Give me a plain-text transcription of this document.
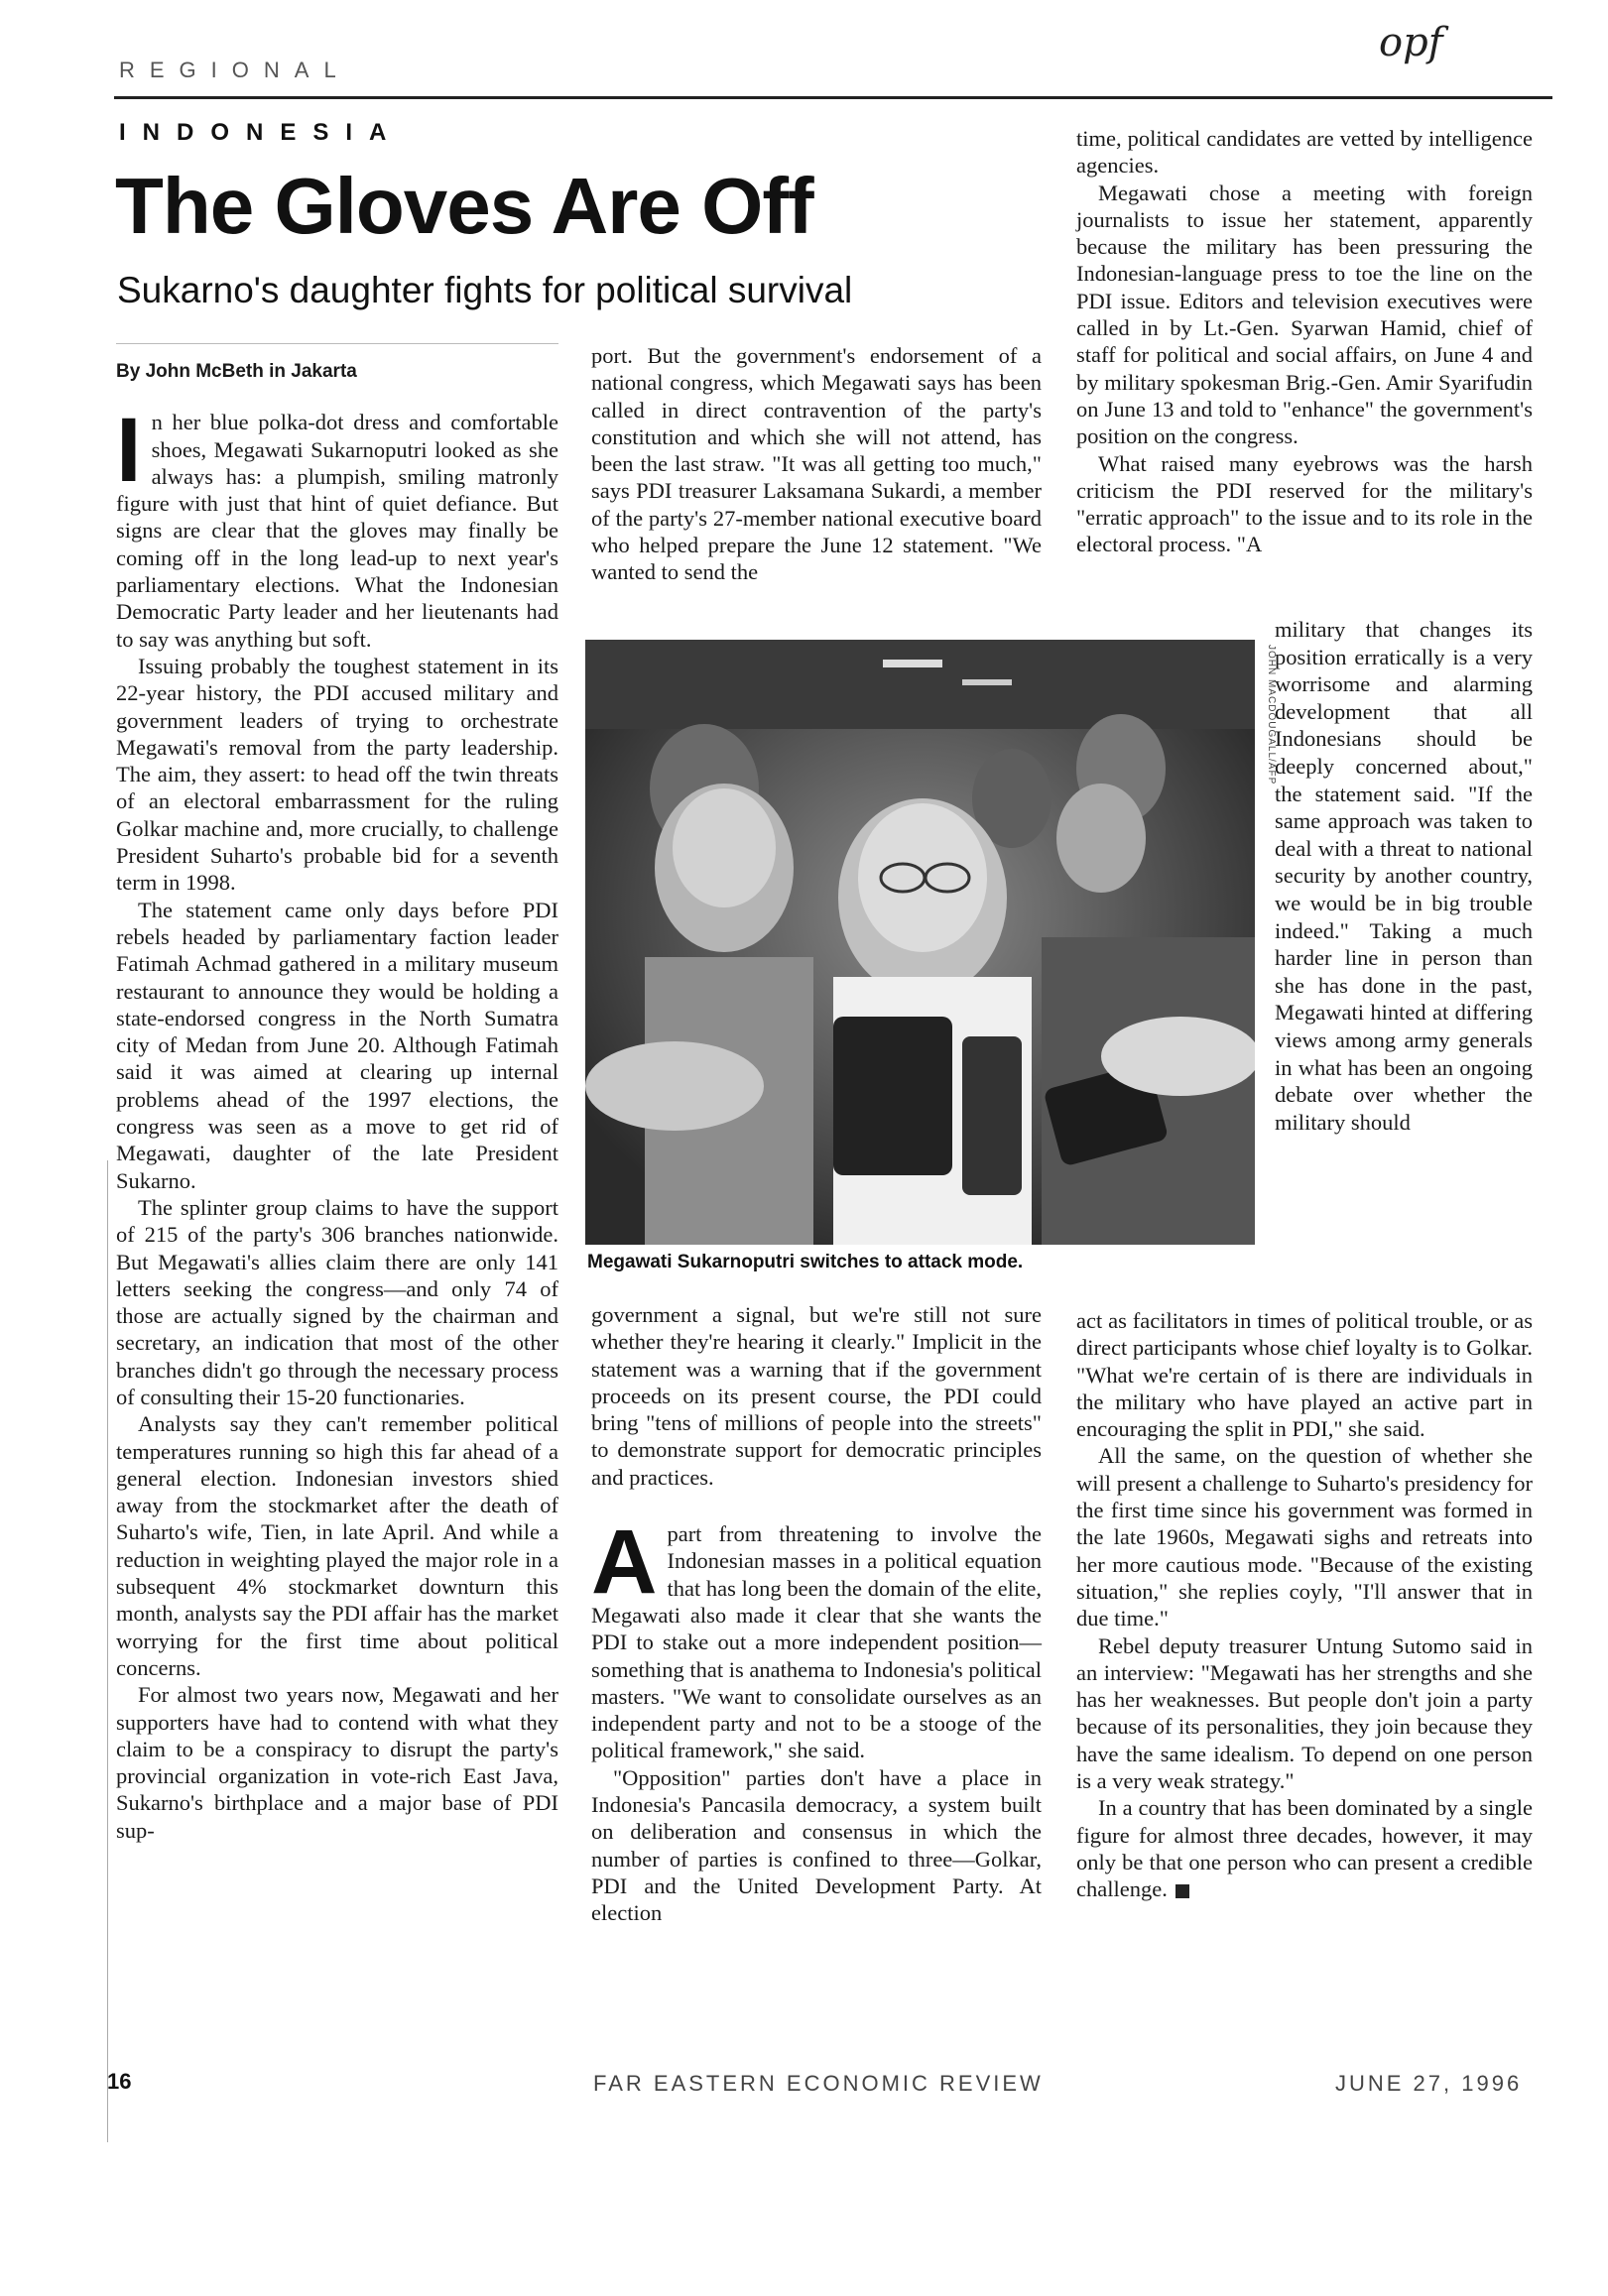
REGIONAL
opf
INDONESIA
The Gloves Are Off
Sukarno's daughter fights for political survival

By John McBeth in Jakarta

In her blue polka-dot dress and comfortable shoes, Megawati Sukarnoputri looked as she always has: a plumpish, smiling matronly figure with just that hint of quiet defiance. But signs are clear that the gloves may finally be coming off in the long lead-up to next year's parliamentary elections. What the Indonesian Democratic Party leader and her lieutenants had to say was anything but soft.

Issuing probably the toughest statement in its 22-year history, the PDI accused military and government leaders of trying to orchestrate Megawati's removal from the party leadership. The aim, they assert: to head off the twin threats of an electoral embarrassment for the ruling Golkar machine and, more crucially, to challenge President Suharto's probable bid for a seventh term in 1998.

The statement came only days before PDI rebels headed by parliamentary faction leader Fatimah Achmad gathered in a military museum restaurant to announce they would be holding a state-endorsed congress in the North Sumatra city of Medan from June 20. Although Fatimah said it was aimed at clearing up internal problems ahead of the 1997 elections, the congress was seen as a move to get rid of Megawati, daughter of the late President Sukarno.

The splinter group claims to have the support of 215 of the party's 306 branches nationwide. But Megawati's allies claim there are only 141 letters seeking the congress—and only 74 of those are actually signed by the chairman and secretary, an indication that most of the other branches didn't go through the necessary process of consulting their 15-20 functionaries.

Analysts say they can't remember political temperatures running so high this far ahead of a general election. Indonesian investors shied away from the stockmarket after the death of Suharto's wife, Tien, in late April. And while a reduction in weighting played the major role in a subsequent 4% stockmarket downturn this month, analysts say the PDI affair has the market worrying for the first time about political concerns.

For almost two years now, Megawati and her supporters have had to contend with what they claim to be a conspiracy to disrupt the party's provincial organization in vote-rich East Java, Sukarno's birthplace and a major base of PDI sup-

port. But the government's endorsement of a national congress, which Megawati says has been called in direct contravention of the party's constitution and which she will not attend, has been the last straw. "It was all getting too much," says PDI treasurer Laksamana Sukardi, a member of the party's 27-member national executive board who helped prepare the June 12 statement. "We wanted to send the

JOHN MACDOUGALL/AFP
Megawati Sukarnoputri switches to attack mode.

government a signal, but we're still not sure whether they're hearing it clearly." Implicit in the statement was a warning that if the government proceeds on its present course, the PDI could bring "tens of millions of people into the streets" to demonstrate support for democratic principles and practices.

Apart from threatening to involve the Indonesian masses in a political equation that has long been the domain of the elite, Megawati also made it clear that she wants the PDI to stake out a more independent position—something that is anathema to Indonesia's political masters. "We want to consolidate ourselves as an independent party and not to be a stooge of the political framework," she said.

"Opposition" parties don't have a place in Indonesia's Pancasila democracy, a system built on deliberation and consensus in which the number of parties is confined to three—Golkar, PDI and the United Development Party. At election

time, political candidates are vetted by intelligence agencies.

Megawati chose a meeting with foreign journalists to issue her statement, apparently because the military has been pressuring the Indonesian-language press to toe the line on the PDI issue. Editors and television executives were called in by Lt.-Gen. Syarwan Hamid, chief of staff for political and social affairs, on June 4 and by military spokesman Brig.-Gen. Amir Syarifudin on June 13 and told to "enhance" the government's position on the congress.

What raised many eyebrows was the harsh criticism the PDI reserved for the military's "erratic approach" to the issue and to its role in the electoral process. "A

military that changes its position erratically is a very worrisome and alarming development that all Indonesians should be deeply concerned about," the statement said. "If the same approach was taken to deal with a threat to national security by another country, we would be in big trouble indeed." Taking a much harder line in person than she has done in the past, Megawati hinted at differing views among army generals in what has been an ongoing debate over whether the military should

act as facilitators in times of political trouble, or as direct participants whose chief loyalty is to Golkar. "What we're certain of is there are individuals in the military who have played an active part in encouraging the split in PDI," she said.

All the same, on the question of whether she will present a challenge to Suharto's presidency for the first time since his government was formed in the late 1960s, Megawati sighs and retreats into her more cautious mode. "Because of the existing situation," she replies coyly, "I'll answer that in due time."

Rebel deputy treasurer Untung Sutomo said in an interview: "Megawati has her strengths and she has her weaknesses. But people don't join a party because of its personalities, they join because they have the same idealism. To depend on one person is a very weak strategy."

In a country that has been dominated by a single figure for almost three decades, however, it may only be that one person who can present a credible challenge.

16	FAR EASTERN ECONOMIC REVIEW	JUNE 27, 1996
